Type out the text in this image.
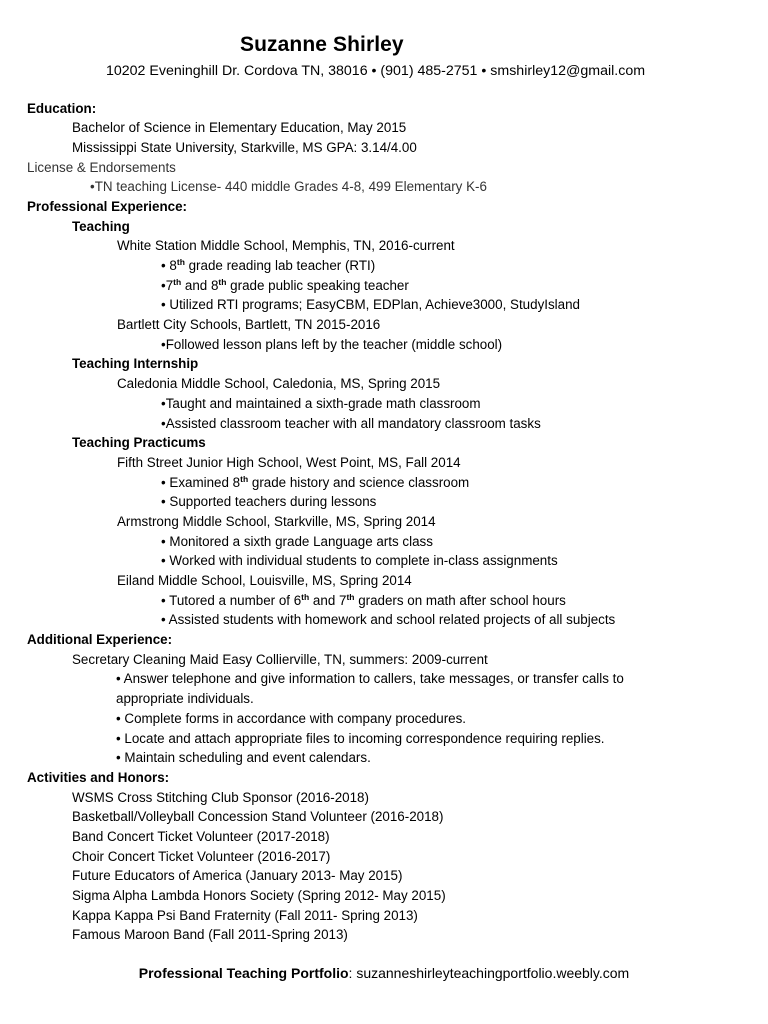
Suzanne Shirley
10202 Eveninghill Dr. Cordova TN, 38016 • (901) 485-2751 • smshirley12@gmail.com
Education:
Bachelor of Science in Elementary Education, May 2015
Mississippi State University, Starkville, MS GPA: 3.14/4.00
License & Endorsements
•TN teaching License- 440 middle Grades 4-8, 499 Elementary K-6
Professional Experience:
Teaching
White Station Middle School, Memphis, TN, 2016-current
• 8th grade reading lab teacher (RTI)
•7th and 8th grade public speaking teacher
• Utilized RTI programs; EasyCBM, EDPlan, Achieve3000, StudyIsland
Bartlett City Schools, Bartlett, TN 2015-2016
•Followed lesson plans left by the teacher (middle school)
Teaching Internship
Caledonia Middle School, Caledonia, MS, Spring 2015
•Taught and maintained a sixth-grade math classroom
•Assisted classroom teacher with all mandatory classroom tasks
Teaching Practicums
Fifth Street Junior High School, West Point, MS, Fall 2014
• Examined 8th grade history and science classroom
• Supported teachers during lessons
Armstrong Middle School, Starkville, MS, Spring 2014
• Monitored a sixth grade Language arts class
• Worked with individual students to complete in-class assignments
Eiland Middle School, Louisville, MS, Spring 2014
• Tutored a number of 6th and 7th graders on math after school hours
• Assisted students with homework and school related projects of all subjects
Additional Experience:
Secretary Cleaning Maid Easy Collierville, TN, summers: 2009-current
• Answer telephone and give information to callers, take messages, or transfer calls to appropriate individuals.
• Complete forms in accordance with company procedures.
• Locate and attach appropriate files to incoming correspondence requiring replies.
• Maintain scheduling and event calendars.
Activities and Honors:
WSMS Cross Stitching Club Sponsor (2016-2018)
Basketball/Volleyball Concession Stand Volunteer (2016-2018)
Band Concert Ticket Volunteer (2017-2018)
Choir Concert Ticket Volunteer (2016-2017)
Future Educators of America (January 2013- May 2015)
Sigma Alpha Lambda Honors Society (Spring 2012- May 2015)
Kappa Kappa Psi Band Fraternity (Fall 2011- Spring 2013)
Famous Maroon Band (Fall 2011-Spring 2013)
Professional Teaching Portfolio: suzanneshirleyteachingportfolio.weebly.com
